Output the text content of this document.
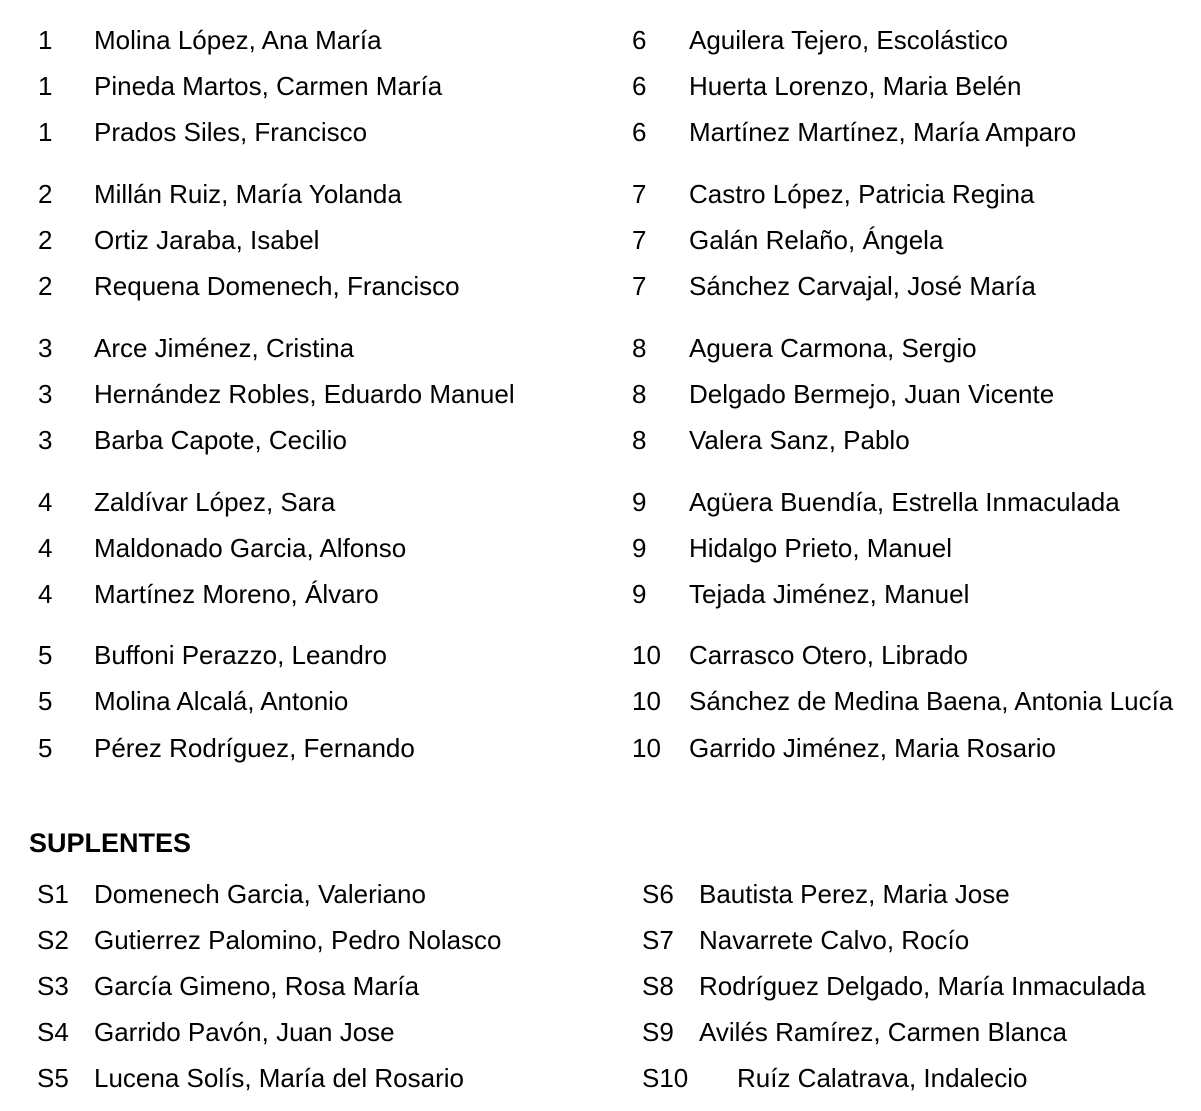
1 Molina López, Ana María
1 Pineda Martos, Carmen María
1 Prados Siles, Francisco
2 Millán Ruiz, María Yolanda
2 Ortiz Jaraba, Isabel
2 Requena Domenech, Francisco
3 Arce Jiménez, Cristina
3 Hernández Robles, Eduardo Manuel
3 Barba Capote, Cecilio
4 Zaldívar López, Sara
4 Maldonado Garcia, Alfonso
4 Martínez Moreno, Álvaro
5 Buffoni Perazzo, Leandro
5 Molina Alcalá, Antonio
5 Pérez Rodríguez, Fernando
6 Aguilera Tejero, Escolástico
6 Huerta Lorenzo, Maria Belén
6 Martínez Martínez, María Amparo
7 Castro López, Patricia Regina
7 Galán Relaño, Ángela
7 Sánchez Carvajal, José María
8 Aguera Carmona, Sergio
8 Delgado Bermejo, Juan Vicente
8 Valera Sanz, Pablo
9 Agüera Buendía, Estrella Inmaculada
9 Hidalgo Prieto, Manuel
9 Tejada Jiménez, Manuel
10 Carrasco Otero, Librado
10 Sánchez de Medina Baena, Antonia Lucía
10 Garrido Jiménez, Maria Rosario
SUPLENTES
S1 Domenech Garcia, Valeriano
S2 Gutierrez Palomino, Pedro Nolasco
S3 García Gimeno, Rosa María
S4 Garrido Pavón, Juan Jose
S5 Lucena Solís, María del Rosario
S6 Bautista Perez, Maria Jose
S7 Navarrete Calvo, Rocío
S8 Rodríguez Delgado, María Inmaculada
S9 Avilés Ramírez, Carmen Blanca
S10 Ruíz Calatrava, Indalecio
